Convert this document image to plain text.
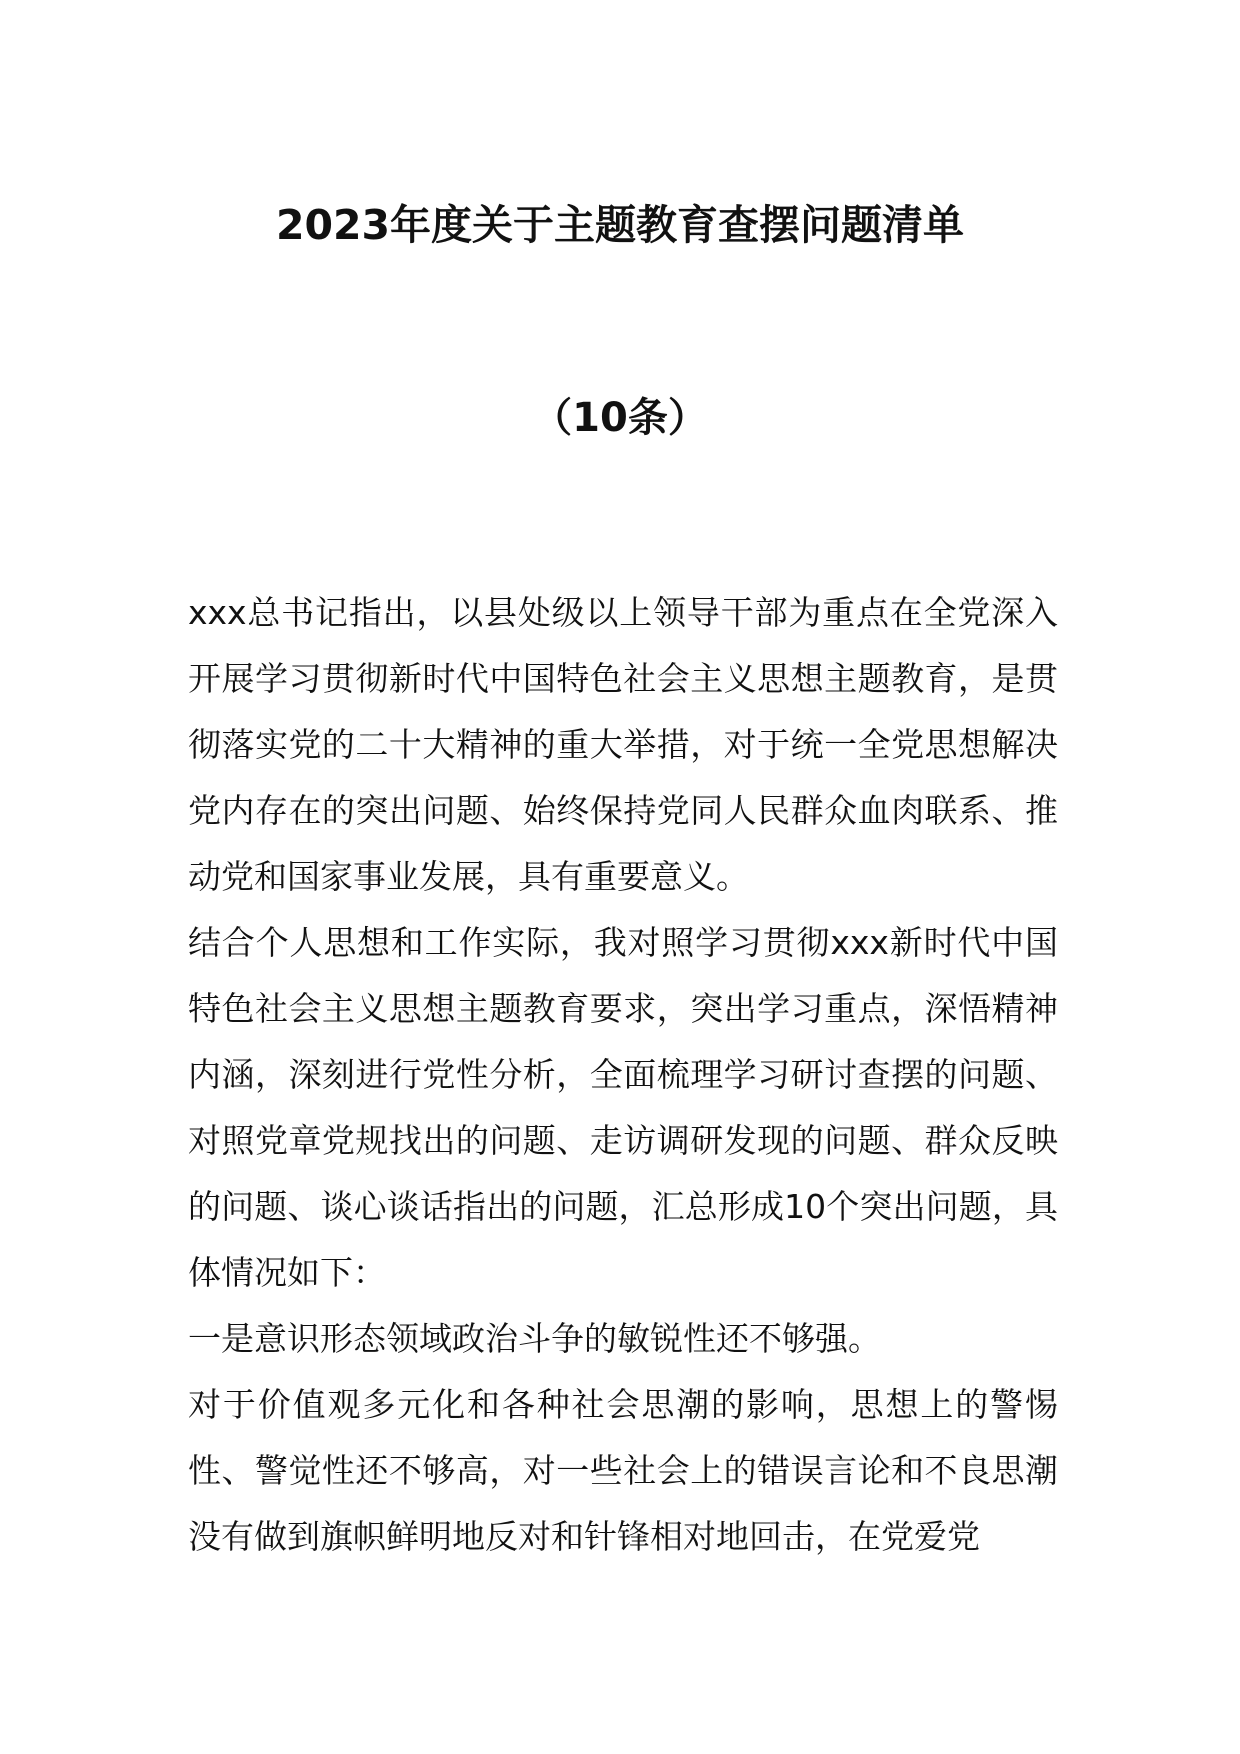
2023年度关于主题教育查摆问题清单
（10条）

xxx总书记指出，以县处级以上领导干部为重点在全党深入开展学习贯彻新时代中国特色社会主义思想主题教育，是贯彻落实党的二十大精神的重大举措，对于统一全党思想解决党内存在的突出问题、始终保持党同人民群众血肉联系、推动党和国家事业发展，具有重要意义。

结合个人思想和工作实际，我对照学习贯彻xxx新时代中国特色社会主义思想主题教育要求，突出学习重点，深悟精神内涵，深刻进行党性分析，全面梳理学习研讨查摆的问题、对照党章党规找出的问题、走访调研发现的问题、群众反映的问题、谈心谈话指出的问题，汇总形成10个突出问题，具体情况如下：

一是意识形态领域政治斗争的敏锐性还不够强。

对于价值观多元化和各种社会思潮的影响，思想上的警惕性、警觉性还不够高，对一些社会上的错误言论和不良思潮没有做到旗帜鲜明地反对和针锋相对地回击，在党爱党
